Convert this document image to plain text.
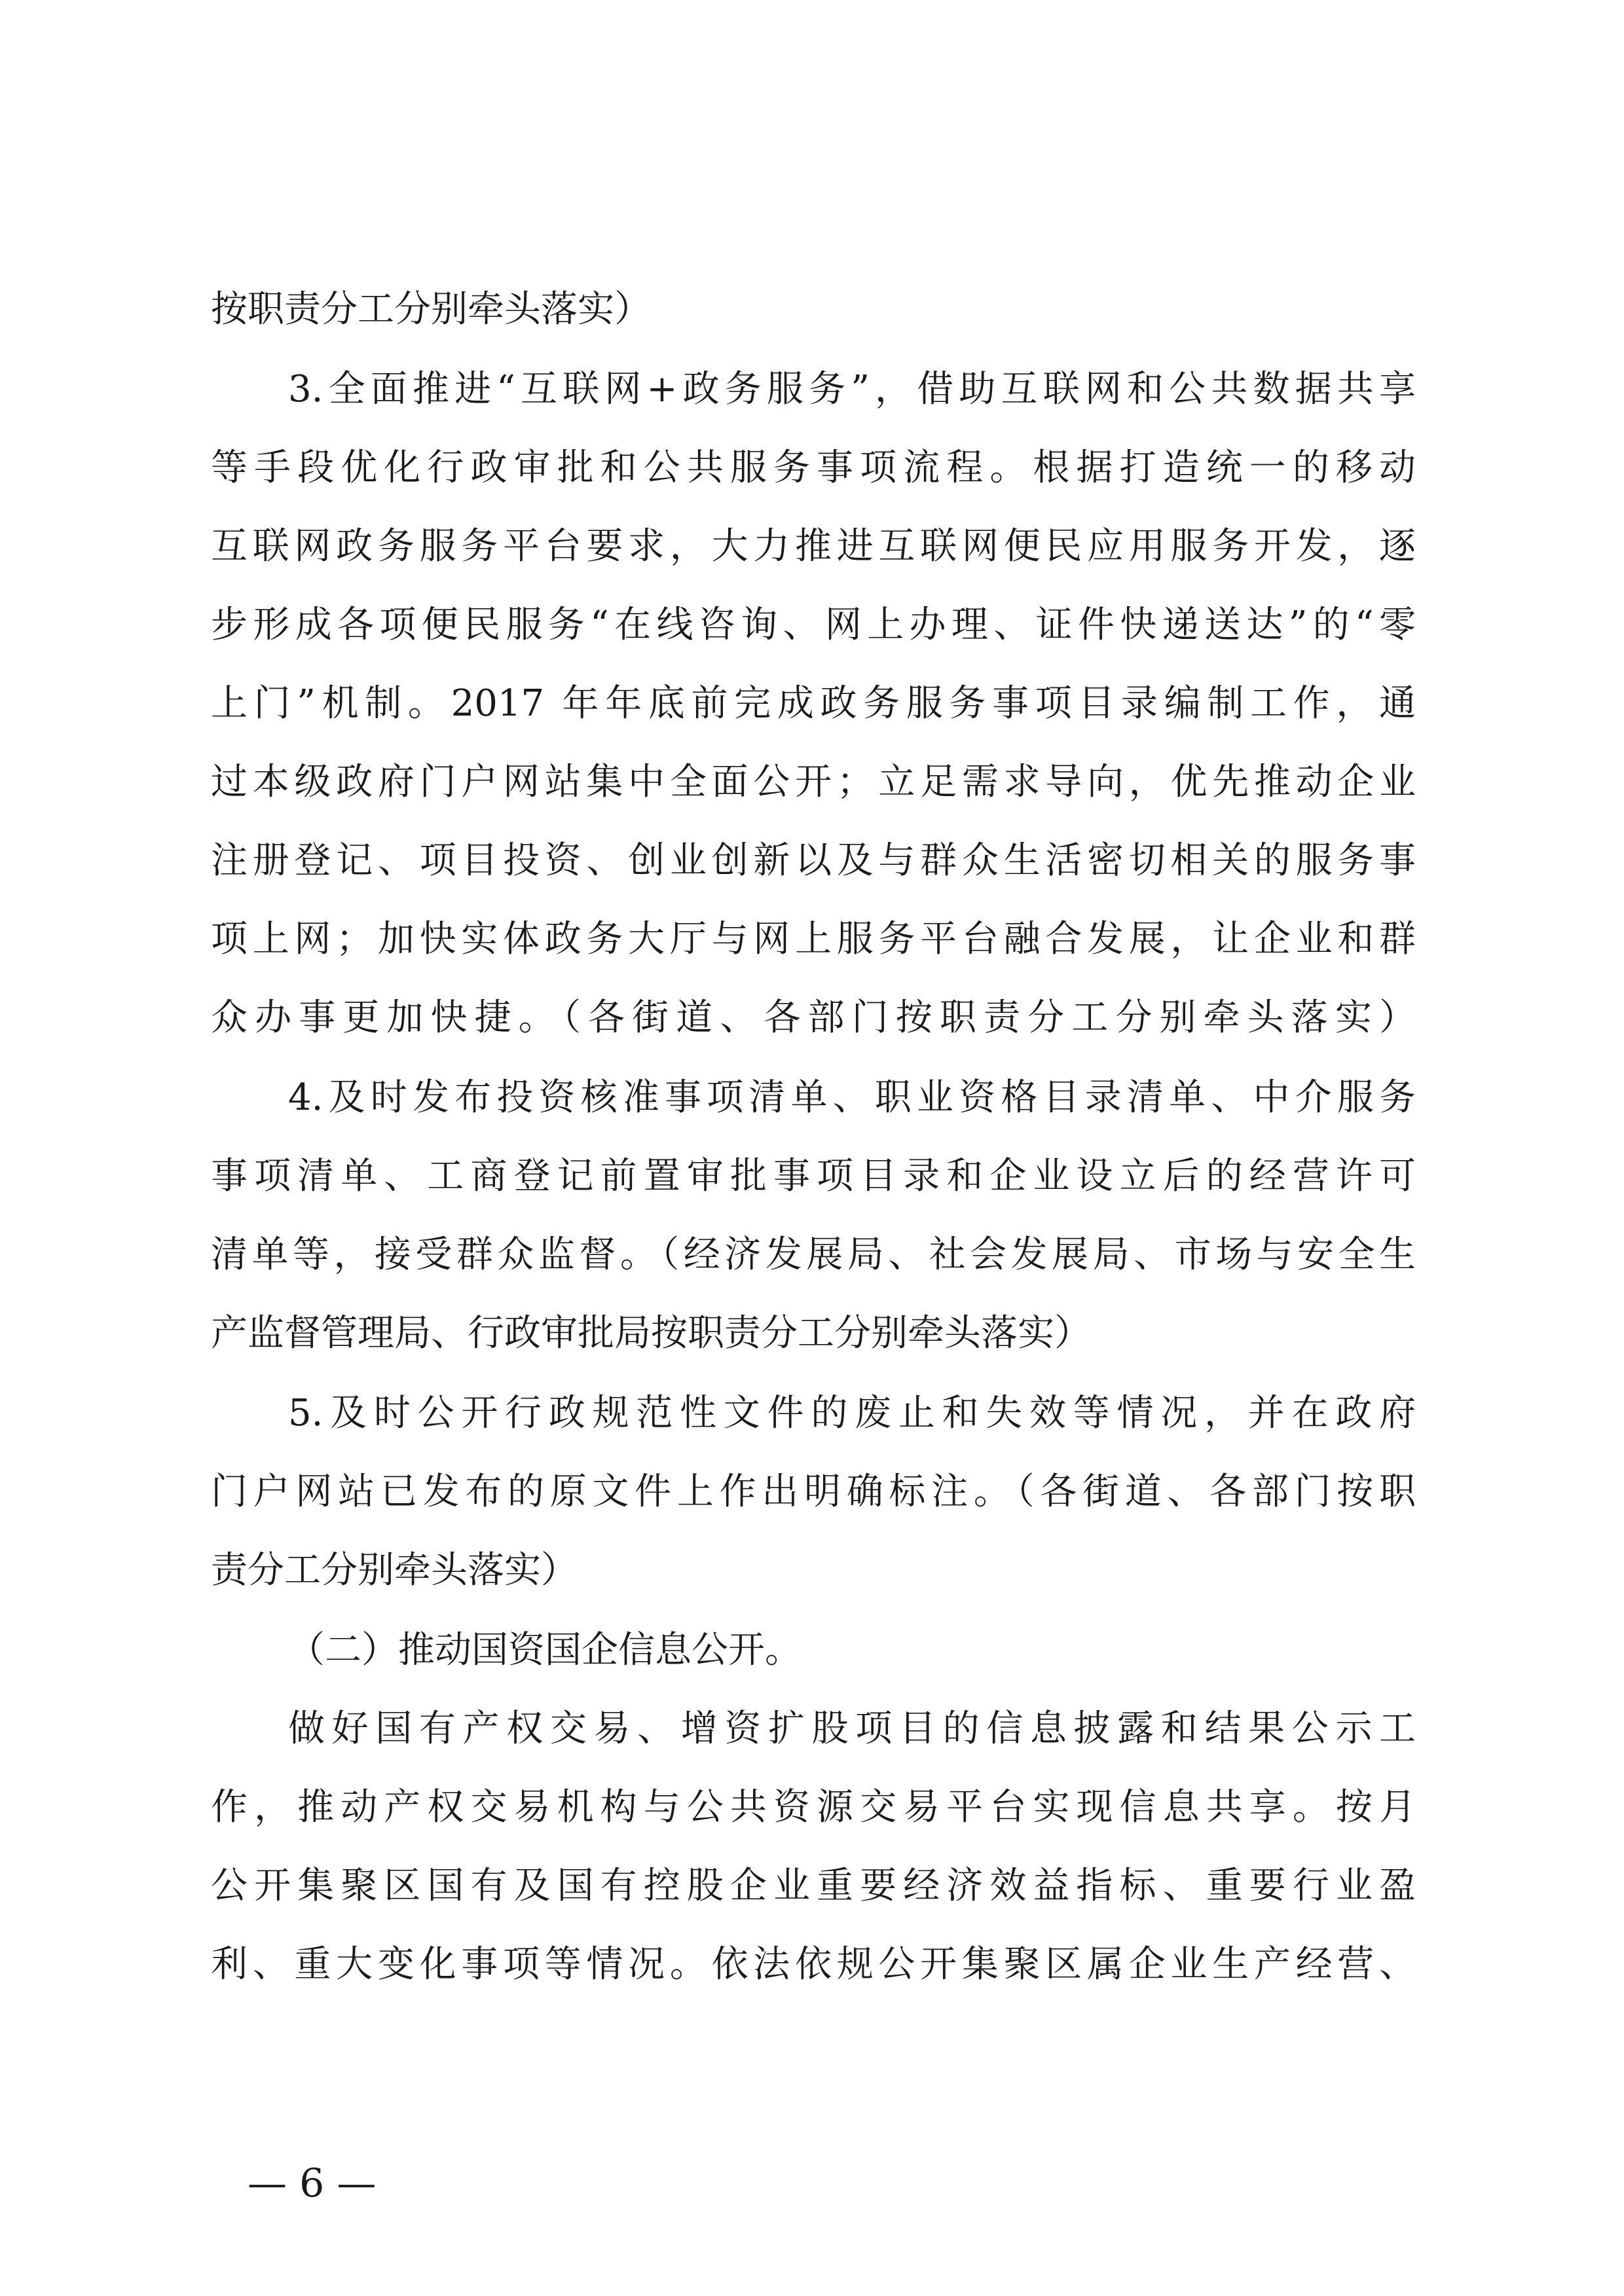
按职责分工分别牵头落实）
3.全面推进“互联网+政务服务”，借助互联网和公共数据共享
等手段优化行政审批和公共服务事项流程。根据打造统一的移动
互联网政务服务平台要求，大力推进互联网便民应用服务开发，逐
步形成各项便民服务“在线咨询、网上办理、证件快递送达”的“零
上门”机制。2017 年年底前完成政务服务事项目录编制工作，通
过本级政府门户网站集中全面公开；立足需求导向，优先推动企业
注册登记、项目投资、创业创新以及与群众生活密切相关的服务事
项上网；加快实体政务大厅与网上服务平台融合发展，让企业和群
众办事更加快捷。（各街道、各部门按职责分工分别牵头落实）
4.及时发布投资核准事项清单、职业资格目录清单、中介服务
事项清单、工商登记前置审批事项目录和企业设立后的经营许可
清单等，接受群众监督。（经济发展局、社会发展局、市场与安全生
产监督管理局、行政审批局按职责分工分别牵头落实）
5.及时公开行政规范性文件的废止和失效等情况，并在政府
门户网站已发布的原文件上作出明确标注。（各街道、各部门按职
责分工分别牵头落实）
（二）推动国资国企信息公开。
做好国有产权交易、增资扩股项目的信息披露和结果公示工
作，推动产权交易机构与公共资源交易平台实现信息共享。按月
公开集聚区国有及国有控股企业重要经济效益指标、重要行业盈
利、重大变化事项等情况。依法依规公开集聚区属企业生产经营、
— 6 —
